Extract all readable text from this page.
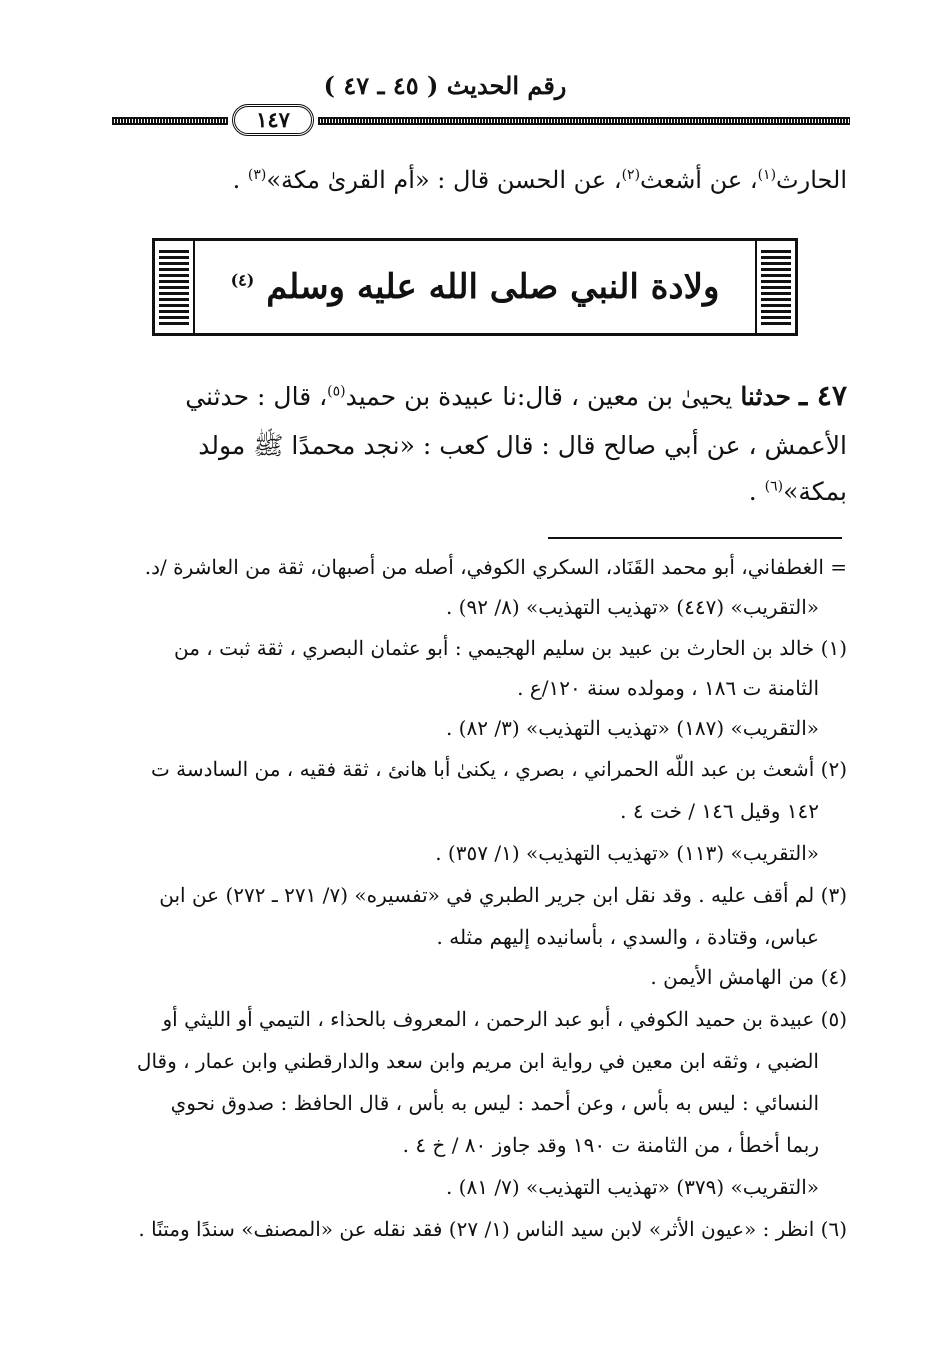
رقم الحديث ( ٤٥ ـ ٤٧ )
١٤٧
الحارث$^{(١)}$، عن أشعث$^{(٢)}$، عن الحسن قال : «أم القرىٰ مكة»$^{(٣)}$ .
ولادة النبي صلى الله عليه وسلم $^{(٤)}$
٤٧ ـ حدثنا يحيىٰ بن معين ، قال:نا عبيدة بن حميد$^{(٥)}$، قال : حدثني
الأعمش ، عن أبي صالح قال : قال كعب : «نجد محمدًا ﷺ مولد
بمكة»$^{(٦)}$ .
= الغطفاني، أبو محمد القَنَاد، السكري الكوفي، أصله من أصبهان، ثقة من العاشرة /د.
«التقريب» (٤٤٧) «تهذيب التهذيب» (٨/ ٩٢) .
(١) خالد بن الحارث بن عبيد بن سليم الهجيمي : أبو عثمان البصري ، ثقة ثبت ، من
الثامنة ت ١٨٦ ، ومولده سنة ١٢٠/ع .
«التقريب» (١٨٧) «تهذيب التهذيب» (٣/ ٨٢) .
(٢) أشعث بن عبد اللّه الحمراني ، بصري ، يكنىٰ أبا هانئ ، ثقة فقيه ، من السادسة ت
١٤٢ وقيل ١٤٦ / خت ٤ .
«التقريب» (١١٣) «تهذيب التهذيب» (١/ ٣٥٧) .
(٣) لم أقف عليه . وقد نقل ابن جرير الطبري في «تفسيره» (٧/ ٢٧١ ـ ٢٧٢) عن ابن
عباس، وقتادة ، والسدي ، بأسانيده إليهم مثله .
(٤) من الهامش الأيمن .
(٥) عبيدة بن حميد الكوفي ، أبو عبد الرحمن ، المعروف بالحذاء ، التيمي أو الليثي أو
الضبي ، وثقه ابن معين في رواية ابن مريم وابن سعد والدارقطني وابن عمار ، وقال
النسائي : ليس به بأس ، وعن أحمد : ليس به بأس ، قال الحافظ : صدوق نحوي
ربما أخطأ ، من الثامنة ت ١٩٠ وقد جاوز ٨٠ / خ ٤ .
«التقريب» (٣٧٩) «تهذيب التهذيب» (٧/ ٨١) .
(٦) انظر : «عيون الأثر» لابن سيد الناس (١/ ٢٧) فقد نقله عن «المصنف» سندًا ومتنًا .
